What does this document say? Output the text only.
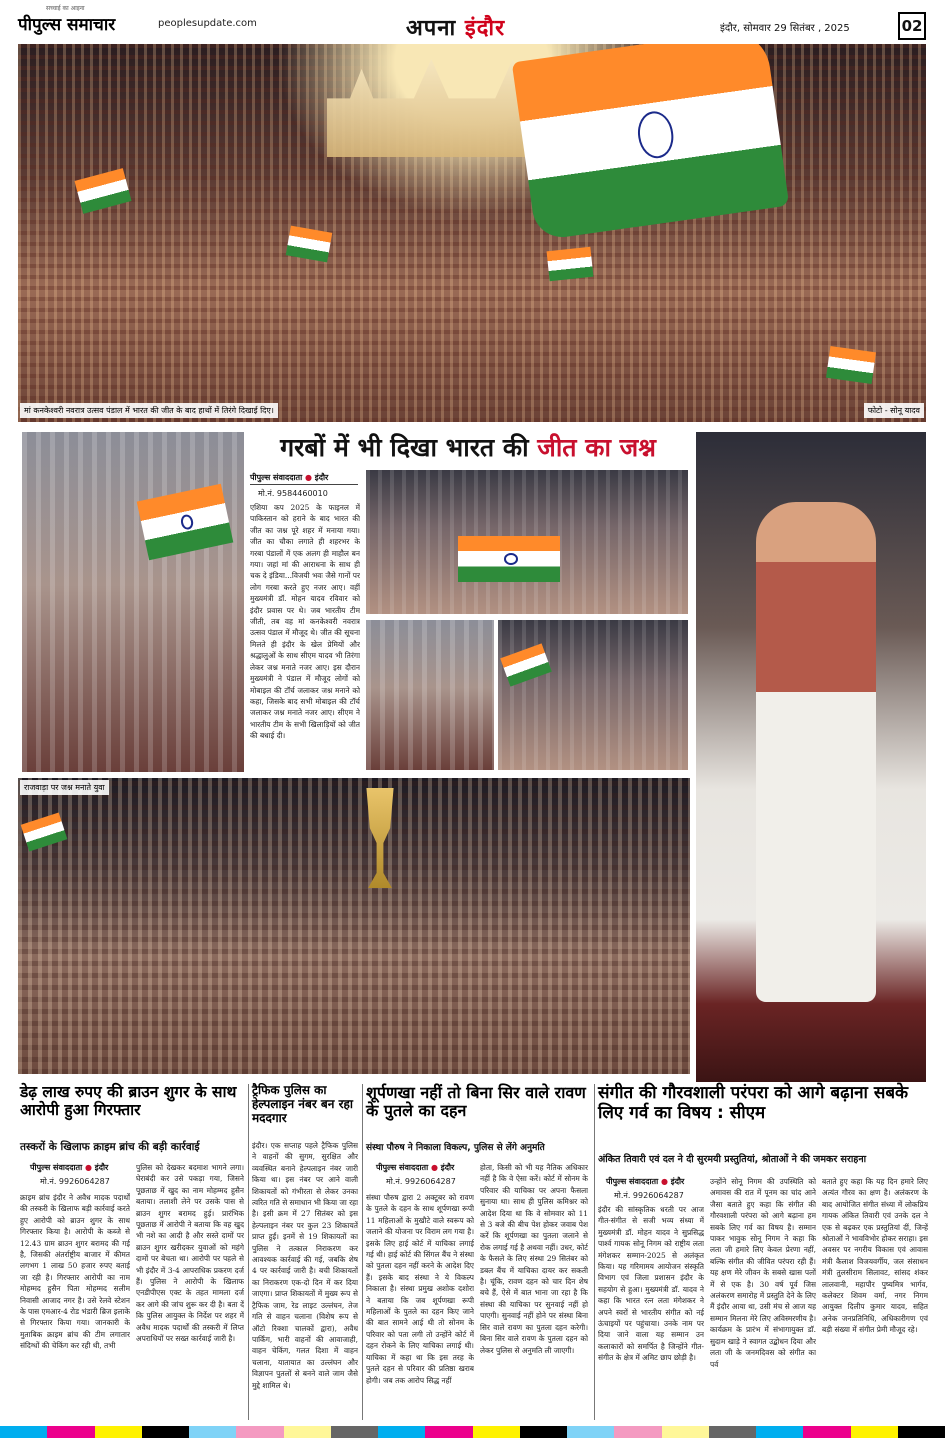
सच्चाई का आइना
पीपुल्स समाचार	peoplesupdate.com	अपना इंदौर	इंदौर, सोमवार 29 सितंबर , 2025	02
मां कनकेश्वरी नवरात्र उत्सव पंडाल में भारत की जीत के बाद हाथों में तिरंगे दिखाई दिए।	फोटो - सोनू यादव
गरबों में भी दिखा भारत की जीत का जश्न
पीपुल्स संवाददाता ● इंदौर
मो.नं. 9584460010
एशिया कप 2025 के फाइनल में पाकिस्तान को हराने के बाद भारत की जीत का जश्न पूरे शहर में मनाया गया। जीत का चौका लगाते ही शहरभर के गरबा पंडालों में एक अलग ही माहौल बन गया। जहां मां की आराधना के साथ ही चक दे इंडिया...विजयी भवः जैसे गानों पर लोग गरबा करते हुए नजर आए। वहीं मुख्यमंत्री डॉ. मोहन यादव रविवार को इंदौर प्रवास पर थे। जब भारतीय टीम जीती, तब वह मां कनकेश्वरी नवरात्र उत्सव पंडाल में मौजूद थे। जीत की सूचना मिलते ही इंदौर के खेल प्रेमियों और श्रद्धालुओं के साथ सीएम यादव भी तिरंगा लेकर जश्न मनाते नजर आए। इस दौरान मुख्यमंत्री ने पंडाल में मौजूद लोगों को मोबाइल की टॉर्च जलाकर जश्न मनाने को कहा, जिसके बाद सभी मोबाइल की टॉर्च जलाकर जश्न मनाते नजर आए। सीएम ने भारतीय टीम के सभी खिलाड़ियों को जीत की बधाई दी।
राजवाड़ा पर जश्न मनाते युवा
डेढ़ लाख रुपए की ब्राउन शुगर के साथ आरोपी हुआ गिरफ्तार
तस्करों के खिलाफ क्राइम ब्रांच की बड़ी कार्रवाई
पीपुल्स संवाददाता ● इंदौर
मो.नं. 9926064287
क्राइम ब्रांच इंदौर ने अवैध मादक पदार्थों की तस्करी के खिलाफ बड़ी कार्रवाई करते हुए आरोपी को ब्राउन शुगर के साथ गिरफ्तार किया है। आरोपी के कब्जे से 12.43 ग्राम ब्राउन शुगर बरामद की गई है, जिसकी अंतर्राष्ट्रीय बाजार में कीमत लगभग 1 लाख 50 हजार रुपए बताई जा रही है। गिरफ्तार आरोपी का नाम मोहम्मद हुसैन पिता मोहम्मद सलीम निवासी आजाद नगर है। उसे रेलवे स्टेशन के पास एमआर-4 रोड भंडारी ब्रिज इलाके से गिरफ्तार किया गया। जानकारी के मुताबिक क्राइम ब्रांच की टीम लगातार संदिग्धों की चेकिंग कर रही थी, तभी
पुलिस को देखकर बदमाश भागने लगा। घेराबंदी कर उसे पकड़ा गया, जिसने पूछताछ में खुद का नाम मोहम्मद हुसैन बताया। तलाशी लेने पर उसके पास से ब्राउन शुगर बरामद हुई। प्रारंभिक पूछताछ में आरोपी ने बताया कि वह खुद भी नशे का आदी है और सस्ते दामों पर ब्राउन शुगर खरीदकर युवाओं को महंगे दामों पर बेचता था। आरोपी पर पहले से भी इंदौर में 3-4 आपराधिक प्रकरण दर्ज हैं। पुलिस ने आरोपी के खिलाफ एनडीपीएस एक्ट के तहत मामला दर्ज कर आगे की जांच शुरू कर दी है। बता दें कि पुलिस आयुक्त के निर्देश पर शहर में अवैध मादक पदार्थों की तस्करी में लिप्त अपराधियों पर सख्त कार्रवाई जारी है।
ट्रैफिक पुलिस का हेल्पलाइन नंबर बन रहा मददगार
इंदौर। एक सप्ताह पहले ट्रैफिक पुलिस ने वाहनों की सुगम, सुरक्षित और व्यवस्थित बनाने हेल्पलाइन नंबर जारी किया था। इस नंबर पर आने वाली शिकायतों को गंभीरता से लेकर उनका त्वरित गति से समाधान भी किया जा रहा है। इसी क्रम में 27 सितंबर को इस हेल्पलाइन नंबर पर कुल 23 शिकायतें प्राप्त हुईं। इनमें से 19 शिकायतों का पुलिस ने तत्काल निराकरण कर आवश्यक कार्रवाई की गई, जबकि शेष 4 पर कार्रवाई जारी है। बची शिकायतों का निराकरण एक-दो दिन में कर दिया जाएगा। प्राप्त शिकायतों में मुख्य रूप से ट्रैफिक जाम, रेड लाइट उल्लंघन, तेज गति से वाहन चलाना (विशेष रूप से ऑटो रिक्शा चालकों द्वारा), अवैध पार्किंग, भारी वाहनों की आवाजाही, वाहन चेकिंग, गलत दिशा में वाहन चलाना, यातायात का उल्लंघन और विज्ञापन पुतलों से बनने वाले जाम जैसे मुद्दे शामिल थे।
शूर्पणखा नहीं तो बिना सिर वाले रावण के पुतले का दहन
संस्था पौरुष ने निकाला विकल्प, पुलिस से लेंगे अनुमति
पीपुल्स संवाददाता ● इंदौर
मो.नं. 9926064287
संस्था पौरुष द्वारा 2 अक्टूबर को रावण के पुतले के दहन के साथ शूर्पणखा रूपी 11 महिलाओं के मुखौटे वाले स्वरूप को जलाने की योजना पर विराम लग गया है। इसके लिए हाई कोर्ट में याचिका लगाई गई थी। हाई कोर्ट की सिंगल बैंच ने संस्था को पुतला दहन नहीं करने के आदेश दिए हैं। इसके बाद संस्था ने ये विकल्प निकाला है। संस्था प्रमुख अशोक दशोरा ने बताया कि जब शूर्पणखा रूपी महिलाओं के पुतले का दहन किए जाने की बात सामने आई थी तो सोनम के परिवार को पता लगी तो उन्होंने कोर्ट में दहन रोकने के लिए याचिका लगाई थी। याचिका में कहा था कि इस तरह के पुतले दहन से परिवार की प्रतिष्ठा खराब होगी। जब तक आरोप सिद्ध नहीं
होता, किसी को भी यह नैतिक अधिकार नहीं है कि वे ऐसा करें। कोर्ट में सोनम के परिवार की याचिका पर अपना फैसला सुनाया था। साथ ही पुलिस कमिश्नर को आदेश दिया था कि वे सोमवार को 11 से 3 बजे की बीच पेश होकर जवाब पेश करें कि शूर्पणखा का पुतला जलाने से रोक लगाई गई है अथवा नहीं। उधर, कोर्ट के फैसले के लिए संस्था 29 सितंबर को डबल बैंच में याचिका दायर कर सकती है। चूंकि, रावण दहन को चार दिन शेष बचे हैं, ऐसे में बात भाना जा रहा है कि संस्था की याचिका पर सुनवाई नहीं हो पाएगी। सुनवाई नहीं होने पर संस्था बिना सिर वाले रावण का पुतला दहन करेगी। बिना सिर वाले रावण के पुतला दहन को लेकर पुलिस से अनुमति ली जाएगी।
संगीत की गौरवशाली परंपरा को आगे बढ़ाना सबके लिए गर्व का विषय : सीएम
अंकित तिवारी एवं दल ने दी सुरमयी प्रस्तुतियां, श्रोताओं ने की जमकर सराहना
पीपुल्स संवाददाता ● इंदौर
मो.नं. 9926064287
इंदौर की सांस्कृतिक धरती पर आज गीत-संगीत से सजी भव्य संध्या में मुख्यमंत्री डॉ. मोहन यादव ने सुप्रसिद्ध पार्श्व गायक सोनू निगम को राष्ट्रीय लता मंगेशकर सम्मान-2025 से अलंकृत किया। यह गरिमामय आयोजन संस्कृति विभाग एवं जिला प्रशासन इंदौर के सहयोग से हुआ। मुख्यमंत्री डॉ. यादव ने कहा कि भारत रत्न लता मंगेशकर ने अपने स्वरों से भारतीय संगीत को नई ऊंचाइयों पर पहुंचाया। उनके नाम पर दिया जाने वाला यह सम्मान उन कलाकारों को समर्पित है जिन्होंने गीत-संगीत के क्षेत्र में अमिट छाप छोड़ी है।
उन्होंने सोनू निगम की उपस्थिति को अमावस की रात में पूनम का चांद आने जैसा बताते हुए कहा कि संगीत की गौरवशाली परंपरा को आगे बढ़ाना हम सबके लिए गर्व का विषय है। सम्मान पाकर भावुक सोनू निगम ने कहा कि लता जी हमारे लिए केवल प्रेरणा नहीं, बल्कि संगीत की जीवित परंपरा रही हैं। यह क्षण मेरे जीवन के सबसे खास पलों में से एक है। 30 वर्ष पूर्व जिस अलंकरण समारोह में प्रस्तुति देने के लिए मैं इंदौर आया था, उसी मंच से आज यह सम्मान मिलना मेरे लिए अविस्मरणीय है। कार्यक्रम के प्रारंभ में संभागायुक्त डॉ. सुदाम खाड़े ने स्वागत उद्बोधन दिया और लता जी के जनमदिवस को संगीत का पर्व
बताते हुए कहा कि यह दिन हमारे लिए अत्यंत गौरव का क्षण है। अलंकरण के बाद आयोजित संगीत संध्या में लोकप्रिय गायक अंकित तिवारी एवं उनके दल ने एक से बढ़कर एक प्रस्तुतियां दीं, जिन्हें श्रोताओं ने भावविभोर होकर सराहा। इस अवसर पर नगरीय विकास एवं आवास मंत्री कैलाश विजयवर्गीय, जल संसाधन मंत्री तुलसीराम सिलावट, सांसद शंकर लालवानी, महापौर पुष्यमित्र भार्गव, कलेक्टर शिवम वर्मा, नगर निगम आयुक्त दिलीप कुमार यादव, सहित अनेक जनप्रतिनिधि, अधिकारीगण एवं बड़ी संख्या में संगीत प्रेमी मौजूद रहे।
